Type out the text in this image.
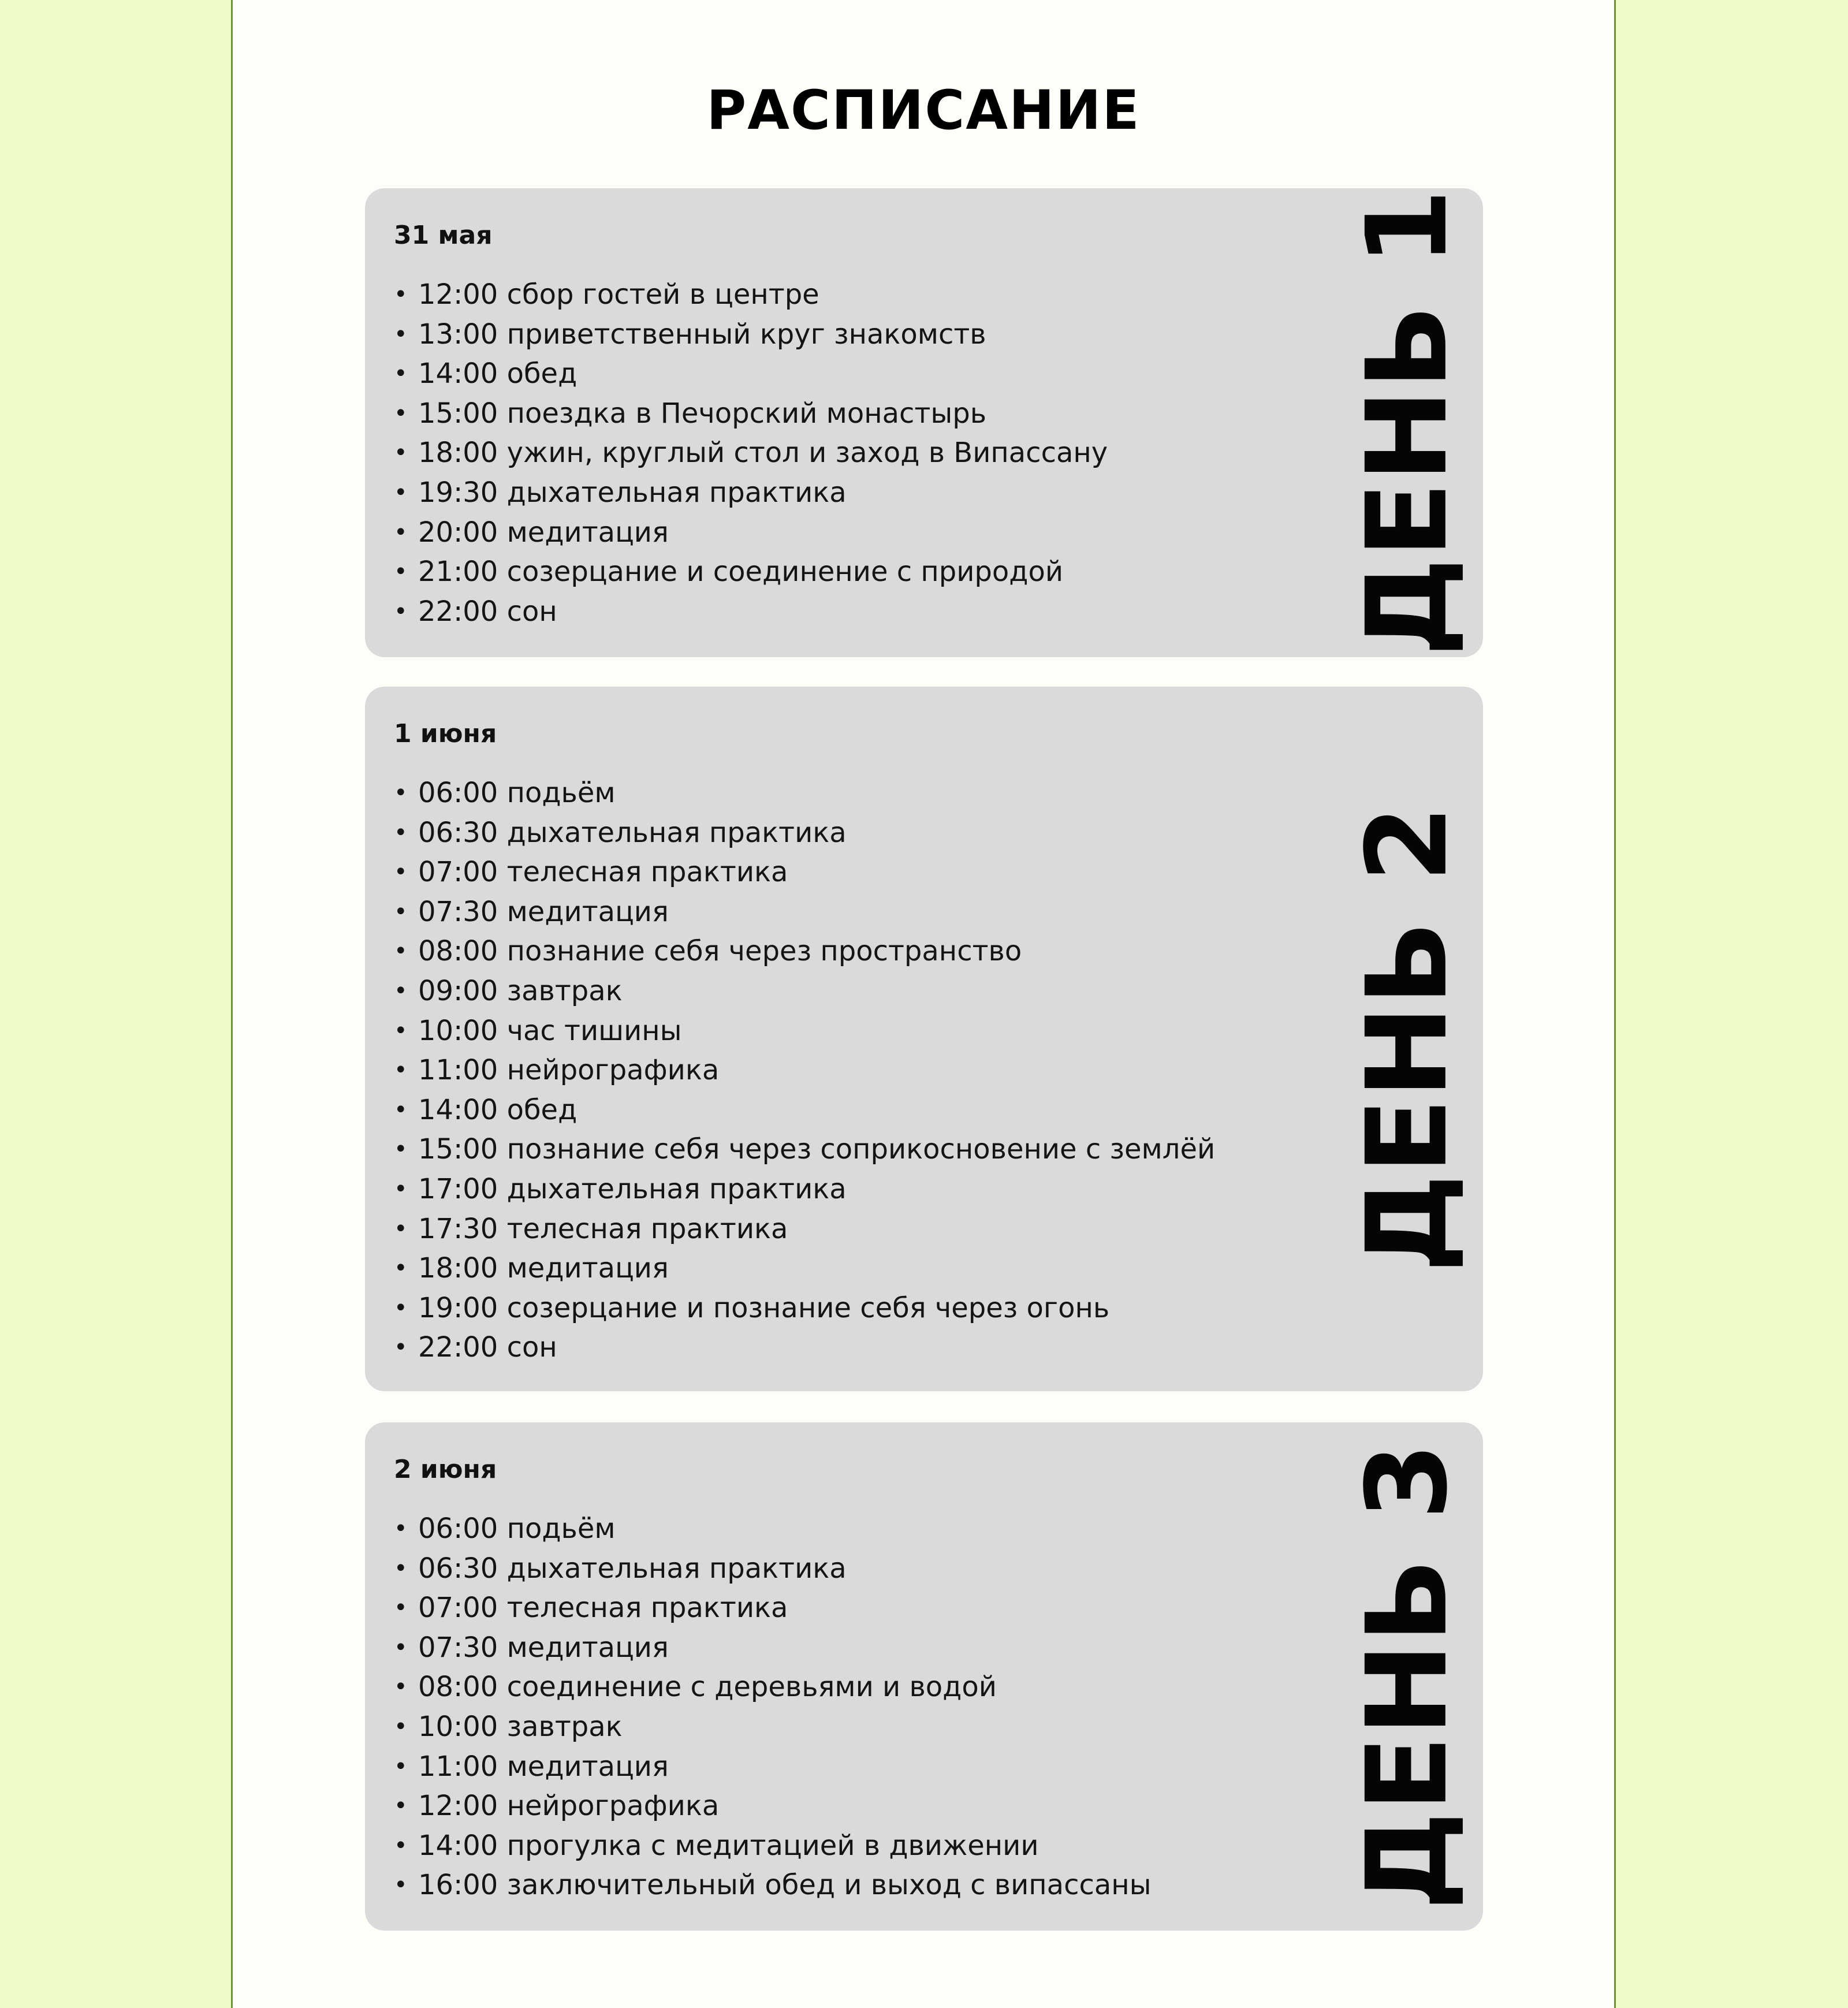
РАСПИСАНИЕ
31 мая
• 12:00 сбор гостей в центре
• 13:00 приветственный круг знакомств
• 14:00 обед
• 15:00 поездка в Печорский монастырь
• 18:00 ужин, круглый стол и заход в Випассану
• 19:30 дыхательная практика
• 20:00 медитация
• 21:00 созерцание и соединение с природой
• 22:00 сон	ДЕНЬ 1
1 июня
• 06:00 подьём
• 06:30 дыхательная практика
• 07:00 телесная практика
• 07:30 медитация
• 08:00 познание себя через пространство
• 09:00 завтрак
• 10:00 час тишины
• 11:00 нейрографика
• 14:00 обед
• 15:00 познание себя через соприкосновение с землёй
• 17:00 дыхательная практика
• 17:30 телесная практика
• 18:00 медитация
• 19:00 созерцание и познание себя через огонь
• 22:00 сон
ДЕНЬ 2
2 июня
• 06:00 подьём
• 06:30 дыхательная практика
• 07:00 телесная практика
• 07:30 медитация
• 08:00 соединение с деревьями и водой
• 10:00 завтрак
• 11:00 медитация
• 12:00 нейрографика
• 14:00 прогулка с медитацией в движении
• 16:00 заключительный обед и выход с випассаны ДЕНЬ 3
